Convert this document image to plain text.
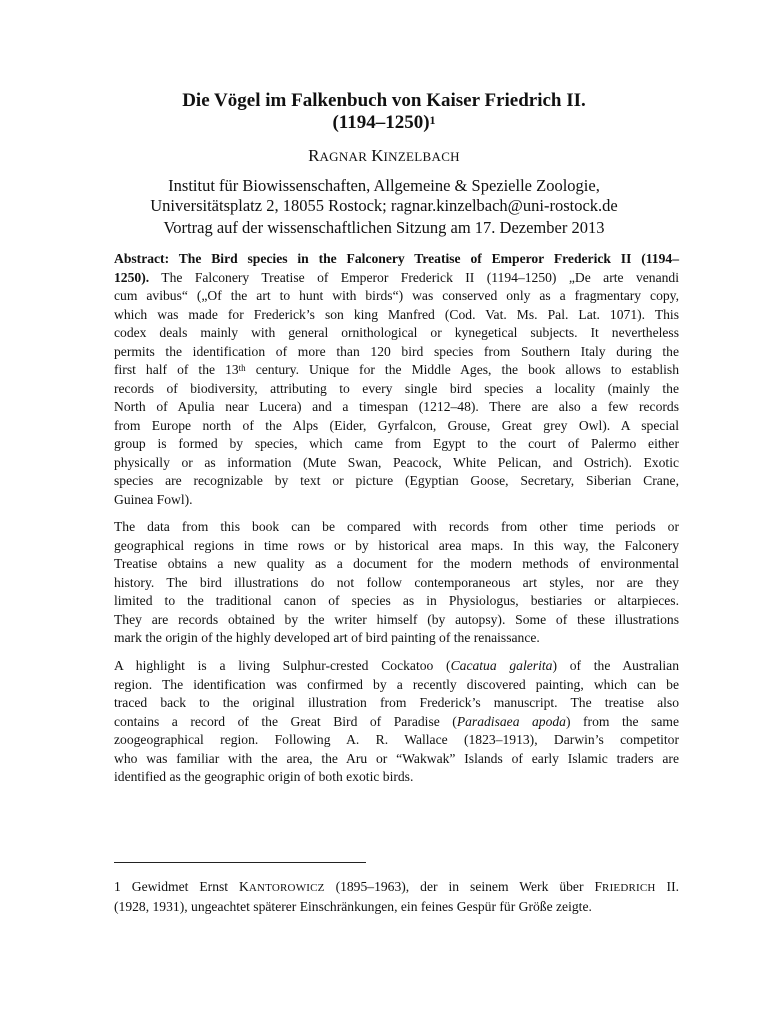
Die Vögel im Falkenbuch von Kaiser Friedrich II.
(1194–1250)$^1$
RAGNAR KINZELBACH
Institut für Biowissenschaften, Allgemeine & Spezielle Zoologie,
Universitätsplatz 2, 18055 Rostock; ragnar.kinzelbach@uni-rostock.de
Vortrag auf der wissenschaftlichen Sitzung am 17. Dezember 2013
Abstract: The Bird species in the Falconery Treatise of Emperor Frederick II (1194–
1250). The Falconery Treatise of Emperor Frederick II (1194–1250) „De arte venandi
cum avibus“ („Of the art to hunt with birds“) was conserved only as a fragmentary copy,
which was made for Frederick’s son king Manfred (Cod. Vat. Ms. Pal. Lat. 1071). This
codex deals mainly with general ornithological or kynegetical subjects. It nevertheless
permits the identification of more than 120 bird species from Southern Italy during the
first half of the 13th century. Unique for the Middle Ages, the book allows to establish
records of biodiversity, attributing to every single bird species a locality (mainly the
North of Apulia near Lucera) and a timespan (1212–48). There are also a few records
from Europe north of the Alps (Eider, Gyrfalcon, Grouse, Great grey Owl). A special
group is formed by species, which came from Egypt to the court of Palermo either
physically or as information (Mute Swan, Peacock, White Pelican, and Ostrich). Exotic
species are recognizable by text or picture (Egyptian Goose, Secretary, Siberian Crane,
Guinea Fowl).
The data from this book can be compared with records from other time periods or
geographical regions in time rows or by historical area maps. In this way, the Falconery
Treatise obtains a new quality as a document for the modern methods of environmental
history. The bird illustrations do not follow contemporaneous art styles, nor are they
limited to the traditional canon of species as in Physiologus, bestiaries or altarpieces.
They are records obtained by the writer himself (by autopsy). Some of these illustrations
mark the origin of the highly developed art of bird painting of the renaissance.
A highlight is a living Sulphur-crested Cockatoo (Cacatua galerita) of the Australian
region. The identification was confirmed by a recently discovered painting, which can be
traced back to the original illustration from Frederick’s manuscript. The treatise also
contains a record of the Great Bird of Paradise (Paradisaea apoda) from the same
zoogeographical region. Following A. R. Wallace (1823–1913), Darwin’s competitor
who was familiar with the area, the Aru or “Wakwak” Islands of early Islamic traders are
identified as the geographic origin of both exotic birds.
1 Gewidmet Ernst KANTOROWICZ (1895–1963), der in seinem Werk über FRIEDRICH II.
(1928, 1931), ungeachtet späterer Einschränkungen, ein feines Gespür für Größe zeigte.
